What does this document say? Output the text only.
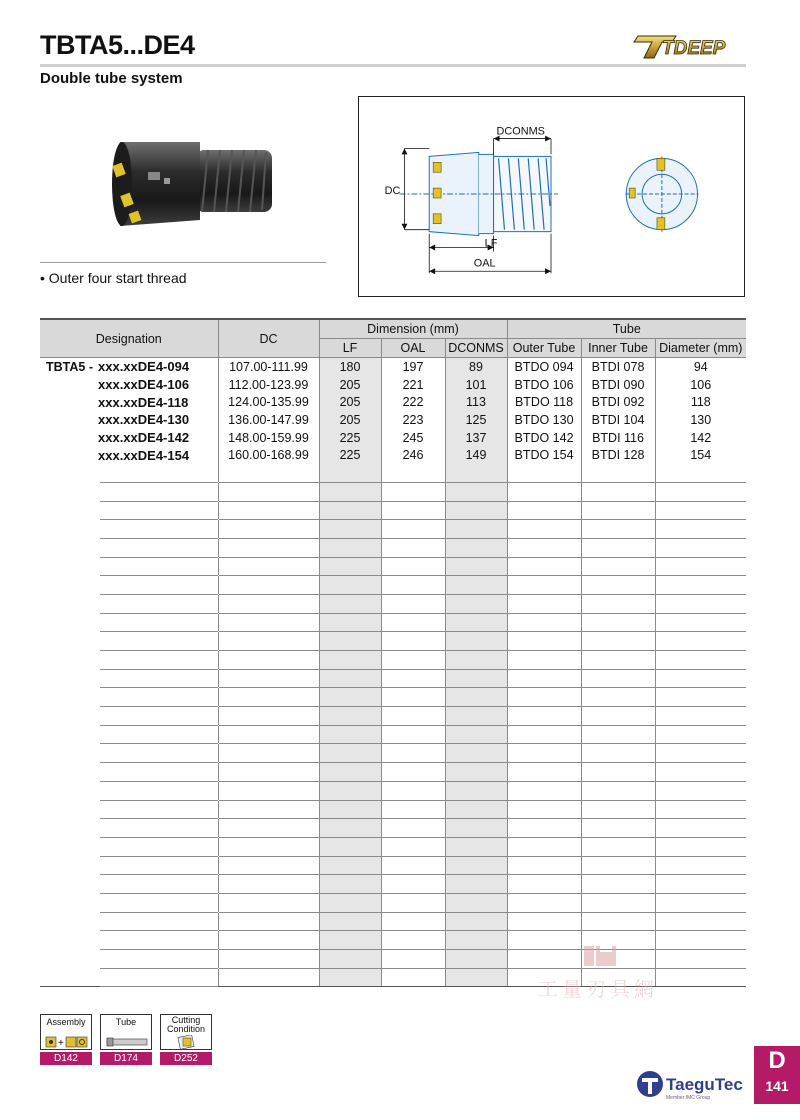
TBTA5...DE4	TDEEP
Double tube system
• Outer four start thread
DCONMS
DC
LF
OAL
Designation	DC	Dimension (mm)			Tube		
		LF	OAL	DCONMS	Outer Tube	Inner Tube	Diameter (mm)
TBTA5 - xxx.xxDE4-094	107.00-111.99	180	197	89	BTDO 094	BTDI 078	94
xxx.xxDE4-106	112.00-123.99	205	221	101	BTDO 106	BTDI 090	106
xxx.xxDE4-118	124.00-135.99	205	222	113	BTDO 118	BTDI 092	118
xxx.xxDE4-130	136.00-147.99	205	223	125	BTDO 130	BTDI 104	130
xxx.xxDE4-142	148.00-159.99	225	245	137	BTDO 142	BTDI 116	142
xxx.xxDE4-154	160.00-168.99	225	246	149	BTDO 154	BTDI 128	154

工量刃具網
Assembly
+
D142
Tube
D174
Cutting Condition
D252
TaeguTec
Member IMC Group
D
141
